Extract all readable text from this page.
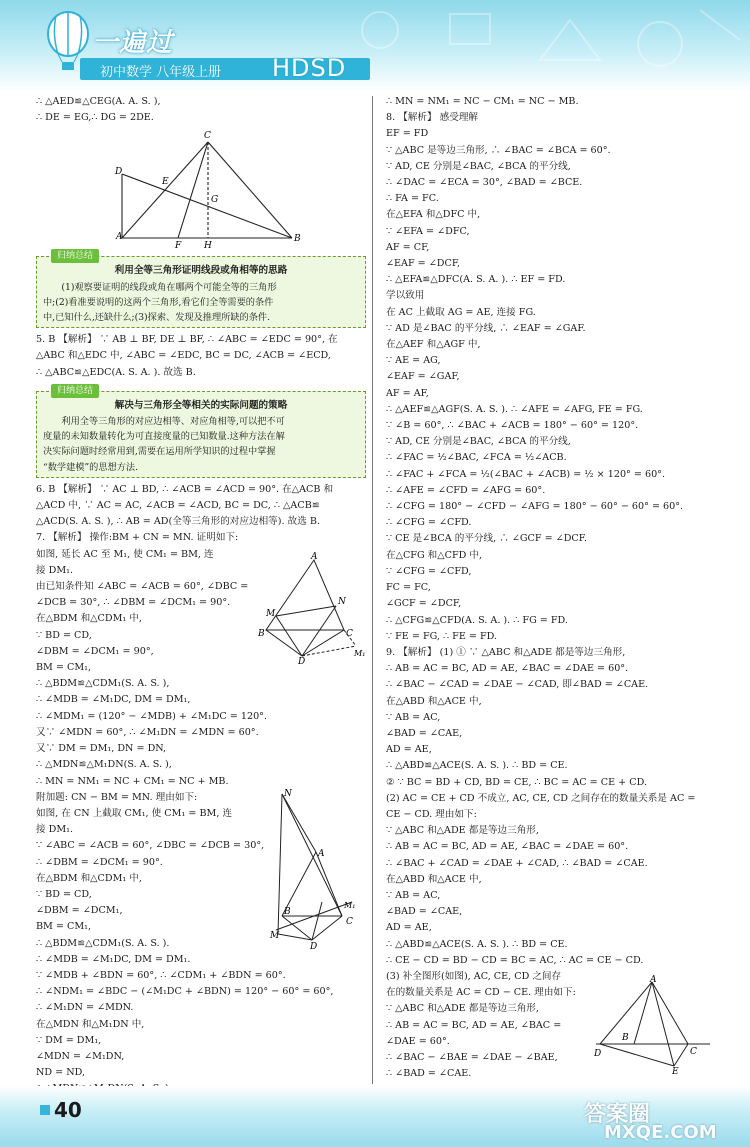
一遍过
初中数学 八年级上册 HDSD
∴ △AED≌△CEG(A. A. S. ),
∴ DE = EG,∴ DG = 2DE.
C
D
E
G
A
F	H
B
归纳总结
利用全等三角形证明线段或角相等的思路
(1)观察要证明的线段或角在哪两个可能全等的三角形
中;(2)看准要说明的这两个三角形,看它们全等需要的条件
中,已知什么,还缺什么;(3)探索、发现及推理所缺的条件.
5. B 【解析】 ∵ AB ⊥ BF, DE ⊥ BF, ∴ ∠ABC = ∠EDC = 90°, 在
△ABC 和△EDC 中, ∠ABC = ∠EDC, BC = DC, ∠ACB = ∠ECD,
∴ △ABC≌△EDC(A. S. A. ). 故选 B.
归纳总结
解决与三角形全等相关的实际问题的策略
利用全等三角形的对应边相等、对应角相等,可以把不可
度量的未知数量转化为可直接度量的已知数量.这种方法在解
决实际问题时经常用到,需要在运用所学知识的过程中掌握
“数学建模”的思想方法.
6. B 【解析】 ∵ AC ⊥ BD, ∴ ∠ACB = ∠ACD = 90°. 在△ACB 和
△ACD 中, ∵ AC = AC, ∠ACB = ∠ACD, BC = DC, ∴ △ACB≌
△ACD(S. A. S. ), ∴ AB = AD(全等三角形的对应边相等). 故选 B.
7. 【解析】 操作:BM + CN = MN. 证明如下:
如图, 延长 AC 至 M₁, 使 CM₁ = BM, 连
接 DM₁.
由已知条件知 ∠ABC = ∠ACB = 60°, ∠DBC =
∠DCB = 30°, ∴ ∠DBM = ∠DCM₁ = 90°.
在△BDM 和△CDM₁ 中,
∵ BD = CD,
∠DBM = ∠DCM₁ = 90°,
BM = CM₁,
∴ △BDM≌△CDM₁(S. A. S. ),
∴ ∠MDB = ∠M₁DC, DM = DM₁,
∴ ∠MDM₁ = (120° − ∠MDB) + ∠M₁DC = 120°.
又∵ ∠MDN = 60°, ∴ ∠M₁DN = ∠MDN = 60°.
又∵ DM = DM₁, DN = DN,
∴ △MDN≌△M₁DN(S. A. S. ),
∴ MN = NM₁ = NC + CM₁ = NC + MB.
附加题: CN − BM = MN. 理由如下:
如图, 在 CN 上截取 CM₁, 使 CM₁ = BM, 连
接 DM₁.
∵ ∠ABC = ∠ACB = 60°, ∠DBC = ∠DCB = 30°,
∴ ∠DBM = ∠DCM₁ = 90°.
在△BDM 和△CDM₁ 中,
∵ BD = CD,
∠DBM = ∠DCM₁,
BM = CM₁,
∴ △BDM≌△CDM₁(S. A. S. ).
∴ ∠MDB = ∠M₁DC, DM = DM₁.
∵ ∠MDB + ∠BDN = 60°, ∴ ∠CDM₁ + ∠BDN = 60°.
∴ ∠NDM₁ = ∠BDC − (∠M₁DC + ∠BDN) = 120° − 60° = 60°,
∴ ∠M₁DN = ∠MDN.
在△MDN 和△M₁DN 中,
∵ DM = DM₁,
∠MDN = ∠M₁DN,
ND = ND,
A
N
M
B	C
D
M₁
N
A
M₁
B
C
M
D
∴ MN = NM₁ = NC − CM₁ = NC − MB.
8. 【解析】 感受理解
EF = FD
∵ △ABC 是等边三角形, ∴ ∠BAC = ∠BCA = 60°.
∵ AD, CE 分别是∠BAC, ∠BCA 的平分线,
∴ ∠DAC = ∠ECA = 30°, ∠BAD = ∠BCE.
∴ FA = FC.
在△EFA 和△DFC 中,
∵ ∠EFA = ∠DFC,
AF = CF,
∠EAF = ∠DCF,
∴ △EFA≌△DFC(A. S. A. ). ∴ EF = FD.
学以致用
在 AC 上截取 AG = AE, 连接 FG.
∵ AD 是∠BAC 的平分线, ∴ ∠EAF = ∠GAF.
在△AEF 和△AGF 中,
∵ AE = AG,
∠EAF = ∠GAF,
AF = AF,
∴ △AEF≌△AGF(S. A. S. ). ∴ ∠AFE = ∠AFG, FE = FG.
∵ ∠B = 60°, ∴ ∠BAC + ∠ACB = 180° − 60° = 120°.
∵ AD, CE 分别是∠BAC, ∠BCA 的平分线,
∴ ∠FAC = ½∠BAC, ∠FCA = ½∠ACB.
∴ ∠FAC + ∠FCA = ½(∠BAC + ∠ACB) = ½ × 120° = 60°.
∴ ∠AFE = ∠CFD = ∠AFG = 60°.
∴ ∠CFG = 180° − ∠CFD − ∠AFG = 180° − 60° − 60° = 60°.
∴ ∠CFG = ∠CFD.
∵ CE 是∠BCA 的平分线, ∴ ∠GCF = ∠DCF.
在△CFG 和△CFD 中,
∵ ∠CFG = ∠CFD,
FC = FC,
∠GCF = ∠DCF,
∴ △CFG≌△CFD(A. S. A. ). ∴ FG = FD.
∵ FE = FG, ∴ FE = FD.
9. 【解析】 (1) ① ∵ △ABC 和△ADE 都是等边三角形,
∴ AB = AC = BC, AD = AE, ∠BAC = ∠DAE = 60°.
∴ ∠BAC − ∠CAD = ∠DAE − ∠CAD, 即∠BAD = ∠CAE.
在△ABD 和△ACE 中,
∵ AB = AC,
∠BAD = ∠CAE,
AD = AE,
∴ △ABD≌△ACE(S. A. S. ). ∴ BD = CE.
② ∵ BC = BD + CD, BD = CE, ∴ BC = AC = CE + CD.
(2) AC = CE + CD 不成立, AC, CE, CD 之间存在的数量关系是 AC =
CE − CD. 理由如下:
∵ △ABC 和△ADE 都是等边三角形,
∴ AB = AC = BC, AD = AE, ∠BAC = ∠DAE = 60°.
∴ ∠BAC + ∠CAD = ∠DAE + ∠CAD, ∴ ∠BAD = ∠CAE.
在△ABD 和△ACE 中,
∵ AB = AC,
∠BAD = ∠CAE,
AD = AE,
∴ △ABD≌△ACE(S. A. S. ). ∴ BD = CE.
∴ CE − CD = BD − CD = BC = AC, ∴ AC = CE − CD.
(3) 补全图形(如图), AC, CE, CD 之间存
在的数量关系是 AC = CD − CE. 理由如下:
∵ △ABC 和△ADE 都是等边三角形,
∴ AB = AC = BC, AD = AE, ∠BAC =
∠DAE = 60°.
∴ ∠BAC − ∠BAE = ∠DAE − ∠BAE,
∴ ∠BAD = ∠CAE.
A
D
B
C
E
40	答案圈
MXQE.COM
